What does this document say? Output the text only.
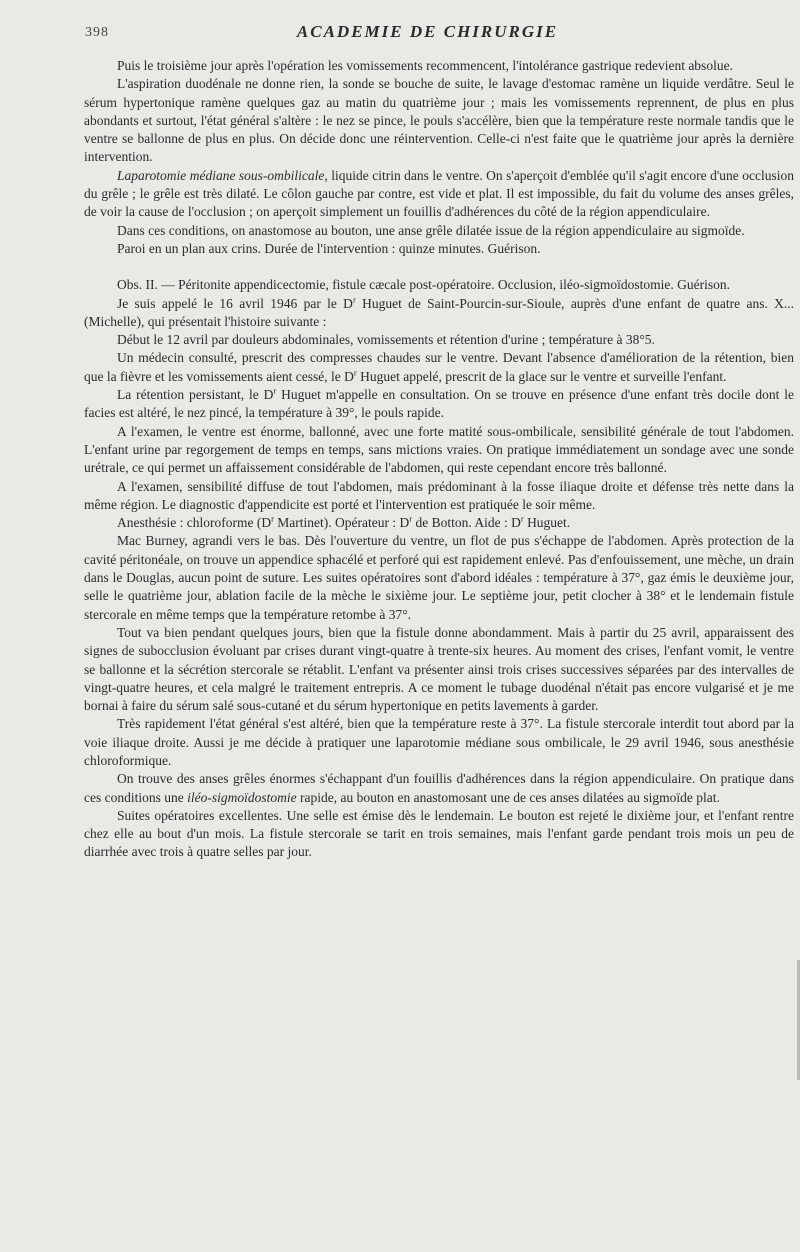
398	ACADEMIE DE CHIRURGIE

Puis le troisième jour après l'opération les vomissements recommencent, l'intolérance gastrique redevient absolue.

L'aspiration duodénale ne donne rien, la sonde se bouche de suite, le lavage d'estomac ramène un liquide verdâtre. Seul le sérum hypertonique ramène quelques gaz au matin du quatrième jour ; mais les vomissements reprennent, de plus en plus abondants et surtout, l'état général s'altère : le nez se pince, le pouls s'accélère, bien que la température reste normale tandis que le ventre se ballonne de plus en plus. On décide donc une réintervention. Celle-ci n'est faite que le quatrième jour après la dernière intervention.

Laparotomie médiane sous-ombilicale, liquide citrin dans le ventre. On s'aperçoit d'emblée qu'il s'agit encore d'une occlusion du grêle ; le grêle est très dilaté. Le côlon gauche par contre, est vide et plat. Il est impossible, du fait du volume des anses grêles, de voir la cause de l'occlusion ; on aperçoit simplement un fouillis d'adhérences du côté de la région appendiculaire.

Dans ces conditions, on anastomose au bouton, une anse grêle dilatée issue de la région appendiculaire au sigmoïde.

Paroi en un plan aux crins. Durée de l'intervention : quinze minutes. Guérison.

Obs. II. — Péritonite appendicectomie, fistule cæcale post-opératoire. Occlusion, iléo-sigmoïdostomie. Guérison.

Je suis appelé le 16 avril 1946 par le $D^r$ Huguet de Saint-Pourcin-sur-Sioule, auprès d'une enfant de quatre ans. X... (Michelle), qui présentait l'histoire suivante :

Début le 12 avril par douleurs abdominales, vomissements et rétention d'urine ; température à 38°5.

Un médecin consulté, prescrit des compresses chaudes sur le ventre. Devant l'absence d'amélioration de la rétention, bien que la fièvre et les vomissements aient cessé, le $D^r$ Huguet appelé, prescrit de la glace sur le ventre et surveille l'enfant.

La rétention persistant, le $D^r$ Huguet m'appelle en consultation. On se trouve en présence d'une enfant très docile dont le facies est altéré, le nez pincé, la température à 39°, le pouls rapide.

A l'examen, le ventre est énorme, ballonné, avec une forte matité sous-ombilicale, sensibilité générale de tout l'abdomen. L'enfant urine par regorgement de temps en temps, sans mictions vraies. On pratique immédiatement un sondage avec une sonde urétrale, ce qui permet un affaissement considérable de l'abdomen, qui reste cependant encore très ballonné.

A l'examen, sensibilité diffuse de tout l'abdomen, mais prédominant à la fosse iliaque droite et défense très nette dans la même région. Le diagnostic d'appendicite est porté et l'intervention est pratiquée le soir même.

Anesthésie : chloroforme ($D^r$ Martinet). Opérateur : $D^r$ de Botton. Aide : $D^r$ Huguet.

Mac Burney, agrandi vers le bas. Dès l'ouverture du ventre, un flot de pus s'échappe de l'abdomen. Après protection de la cavité péritonéale, on trouve un appendice sphacélé et perforé qui est rapidement enlevé. Pas d'enfouissement, une mèche, un drain dans le Douglas, aucun point de suture. Les suites opératoires sont d'abord idéales : température à 37°, gaz émis le deuxième jour, selle le quatrième jour, ablation facile de la mèche le sixième jour. Le septième jour, petit clocher à 38° et le lendemain fistule stercorale en même temps que la température retombe à 37°.

Tout va bien pendant quelques jours, bien que la fistule donne abondamment. Mais à partir du 25 avril, apparaissent des signes de subocclusion évoluant par crises durant vingt-quatre à trente-six heures. Au moment des crises, l'enfant vomit, le ventre se ballonne et la sécrétion stercorale se rétablit. L'enfant va présenter ainsi trois crises successives séparées par des intervalles de vingt-quatre heures, et cela malgré le traitement entrepris. A ce moment le tubage duodénal n'était pas encore vulgarisé et je me bornai à faire du sérum salé sous-cutané et du sérum hypertonique en petits lavements à garder.

Très rapidement l'état général s'est altéré, bien que la température reste à 37°. La fistule stercorale interdit tout abord par la voie iliaque droite. Aussi je me décide à pratiquer une laparotomie médiane sous ombilicale, le 29 avril 1946, sous anesthésie chloroformique.

On trouve des anses grêles énormes s'échappant d'un fouillis d'adhérences dans la région appendiculaire. On pratique dans ces conditions une iléo-sigmoïdostomie rapide, au bouton en anastomosant une de ces anses dilatées au sigmoïde plat.

Suites opératoires excellentes. Une selle est émise dès le lendemain. Le bouton est rejeté le dixième jour, et l'enfant rentre chez elle au bout d'un mois. La fistule stercorale se tarit en trois semaines, mais l'enfant garde pendant trois mois un peu de diarrhée avec trois à quatre selles par jour.
